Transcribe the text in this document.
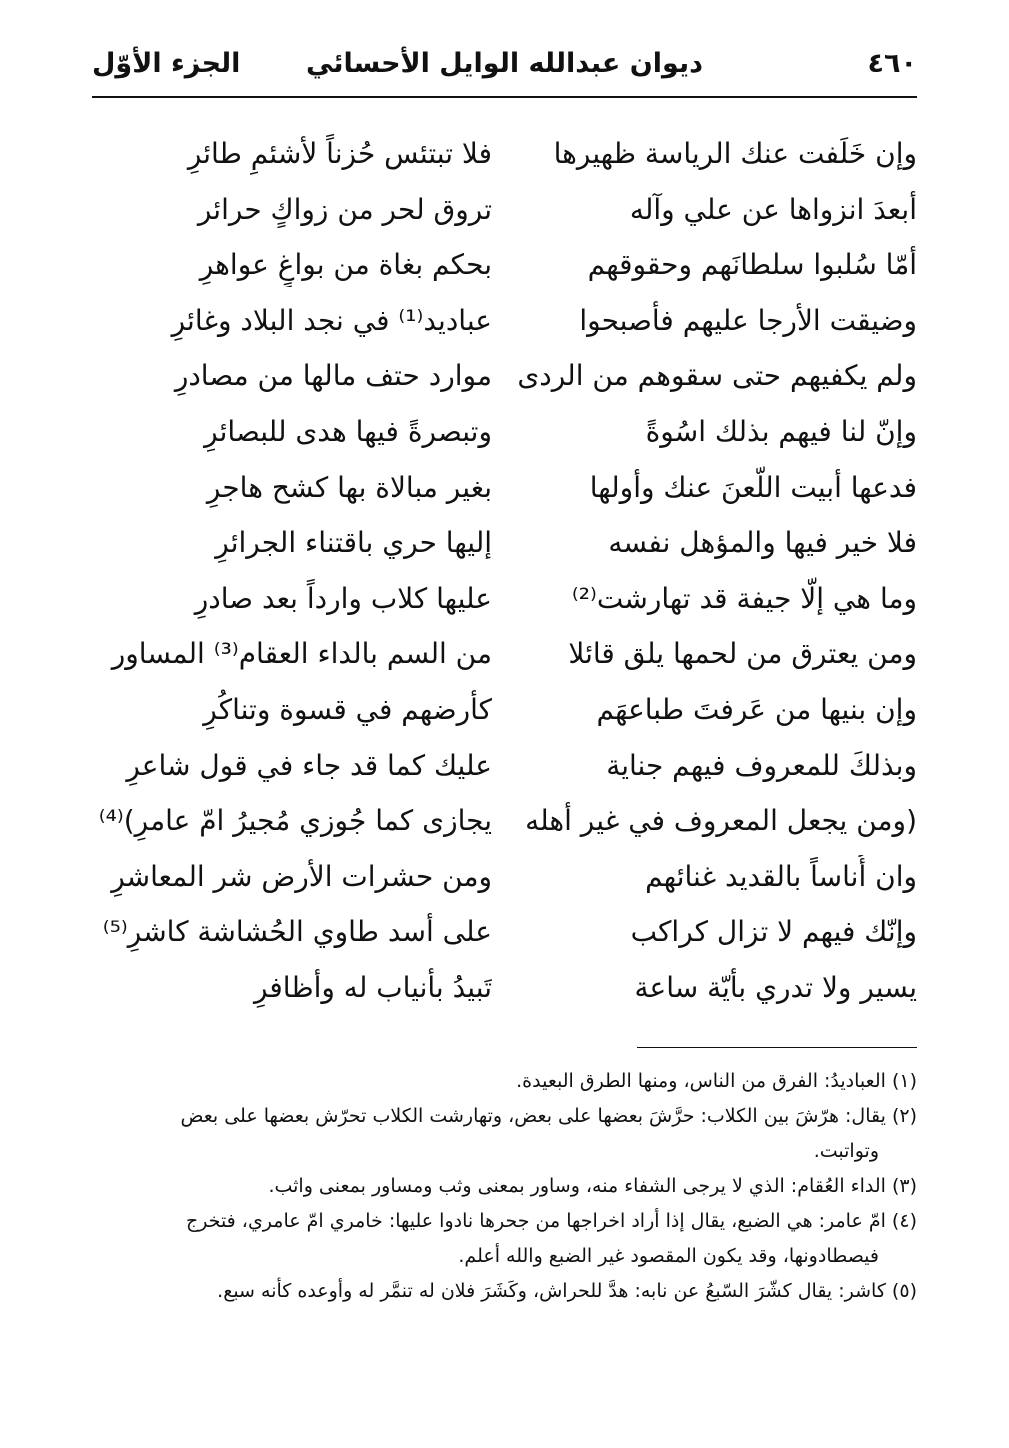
٤٦٠
ديوان عبدالله الوايل الأحسائي
الجزء الأوّل
وإن خَلَفت عنك الرياسة ظهيرها
فلا تبتئس حُزناً لأشئمِ طائرِ
أبعدَ انزواها عن علي وآله
تروق لحر من زواكٍ حرائر
أمّا سُلبوا سلطانَهم وحقوقهم
بحكم بغاة من بواغٍ عواهرِ
وضيقت الأرجا عليهم فأصبحوا
عباديد⁽¹⁾ في نجد البلاد وغائرِ
ولم يكفيهم حتى سقوهم من الردى
موارد حتف مالها من مصادرِ
وإنّ لنا فيهم بذلك اسُوةً
وتبصرةً فيها هدى للبصائرِ
فدعها أبيت اللّعنَ عنك وأولها
بغير مبالاة بها كشح هاجرِ
فلا خير فيها والمؤهل نفسه
إليها حري باقتناء الجرائرِ
وما هي إلّا جيفة قد تهارشت⁽²⁾
عليها كلاب وارداً بعد صادرِ
ومن يعترق من لحمها يلق قائلا
من السم بالداء العقام⁽³⁾ المساور
وإن بنيها من عَرفتَ طباعهَم
كأرضهم في قسوة وتناكُرِ
وبذلكَ للمعروف فيهم جناية
عليك كما قد جاء في قول شاعرِ
(ومن يجعل المعروف في غير أهله
يجازى كما جُوزي مُجيرُ امّ عامرِ)⁽⁴⁾
وان أُناساً بالقديد غنائهم
ومن حشرات الأرض شر المعاشرِ
وإنّك فيهم لا تزال كراكب
على أسد طاوي الحُشاشة كاشرِ⁽⁵⁾
يسير ولا تدري بأيّة ساعة
تَبيدُ بأنياب له وأظافرِ
(١) العباديدُ: الفرق من الناس، ومنها الطرق البعيدة.
(٢) يقال: هرّشَ بين الكلاب: حرَّشَ بعضها على بعض، وتهارشت الكلاب تحرّش بعضها على بعض
وتواتبت.
(٣) الداء العُقام: الذي لا يرجى الشفاء منه، وساور بمعنى وثب ومساور بمعنى واثب.
(٤) امّ عامر: هي الضبع، يقال إذا أراد اخراجها من جحرها نادوا عليها: خامري امّ عامري، فتخرج
فيصطادونها، وقد يكون المقصود غير الضبع والله أعلم.
(٥) كاشر: يقال كشّرَ السّبعُ عن نابه: هدَّ للحراش، وكَشَرَ فلان له تنمَّر له وأوعده كأنه سبع.
